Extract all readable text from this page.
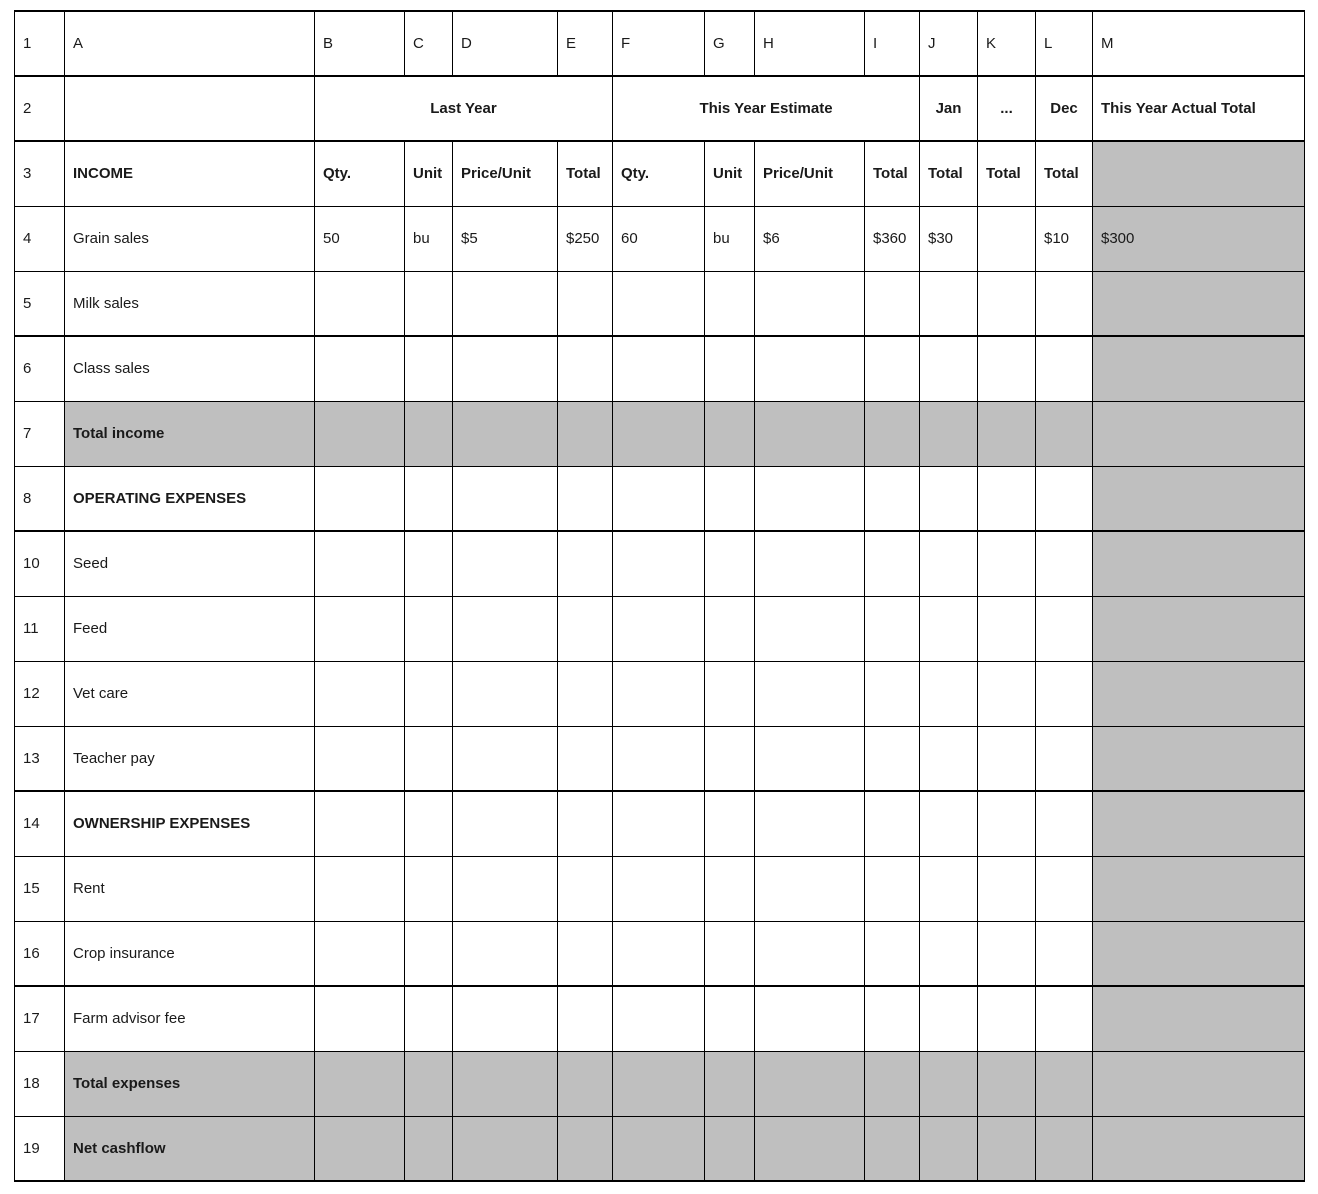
1	A	B	C	D	E	F	G	H	I	J	K	L	M
2		Last Year				This Year Estimate				Jan	...	Dec	This Year Actual Total
3	INCOME	Qty.	Unit	Price/Unit	Total	Qty.	Unit	Price/Unit	Total	Total	Total	Total	
4	Grain sales	50	bu	$5	$250	60	bu	$6	$360	$30		$10	$300
5	Milk sales												
6	Class sales												
7	Total income												
8	OPERATING EXPENSES												
10	Seed												
11	Feed												
12	Vet care												
13	Teacher pay												
14	OWNERSHIP EXPENSES												
15	Rent												
16	Crop insurance												
17	Farm advisor fee												
18	Total expenses												
19	Net cashflow												
